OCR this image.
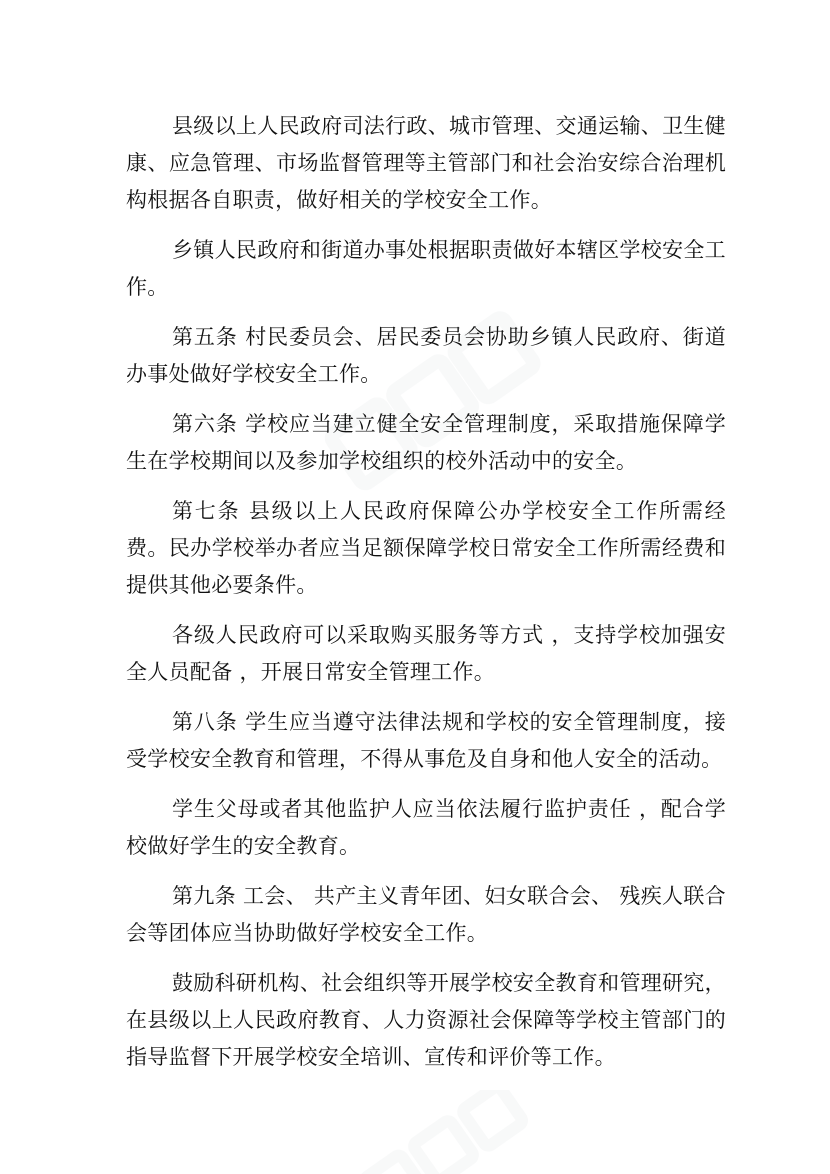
县级以上人民政府司法行政、城市管理、交通运输、卫生健康、应急管理、市场监督管理等主管部门和社会治安综合治理机构根据各自职责，做好相关的学校安全工作。

乡镇人民政府和街道办事处根据职责做好本辖区学校安全工作。

第五条 村民委员会、居民委员会协助乡镇人民政府、街道办事处做好学校安全工作。

第六条 学校应当建立健全安全管理制度，采取措施保障学生在学校期间以及参加学校组织的校外活动中的安全。

第七条 县级以上人民政府保障公办学校安全工作所需经费。民办学校举办者应当足额保障学校日常安全工作所需经费和提供其他必要条件。

各级人民政府可以采取购买服务等方式 ，支持学校加强安全人员配备 ，开展日常安全管理工作。

第八条 学生应当遵守法律法规和学校的安全管理制度，接受学校安全教育和管理，不得从事危及自身和他人安全的活动。

学生父母或者其他监护人应当依法履行监护责任 ，配合学校做好学生的安全教育。

第九条 工会、 共产主义青年团、妇女联合会、 残疾人联合会等团体应当协助做好学校安全工作。

鼓励科研机构、社会组织等开展学校安全教育和管理研究，在县级以上人民政府教育、人力资源社会保障等学校主管部门的指导监督下开展学校安全培训、宣传和评价等工作。
